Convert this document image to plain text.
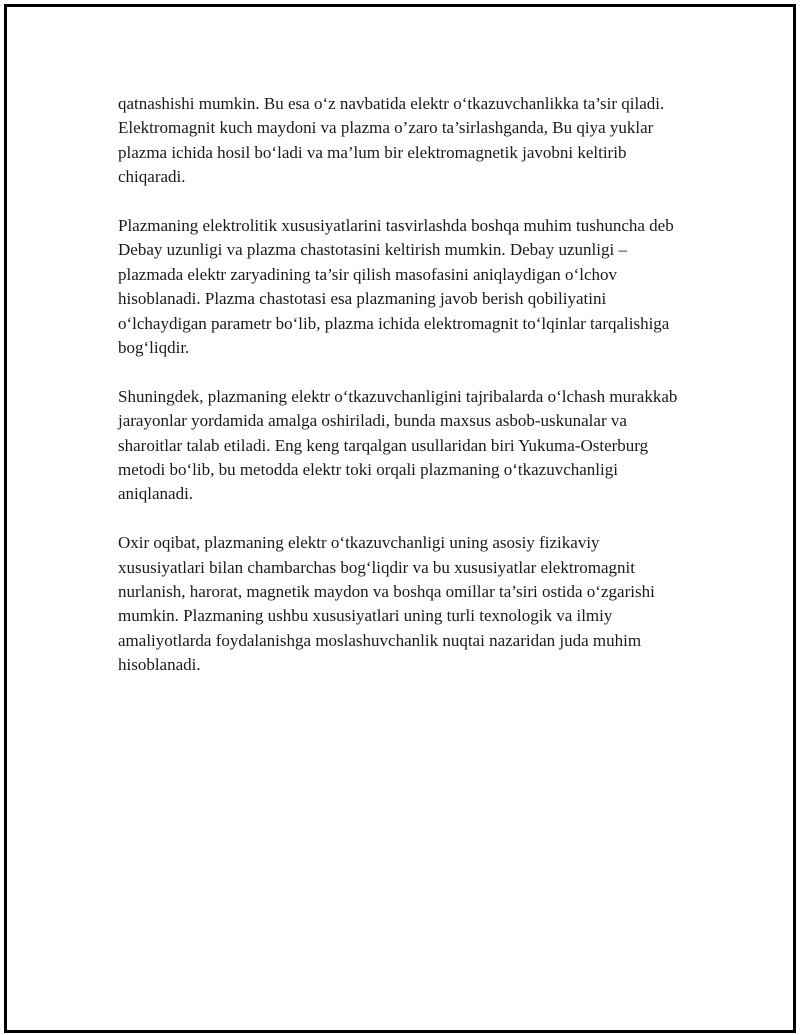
qatnashishi mumkin. Bu esa o‘z navbatida elektr o‘tkazuvchanlikka ta’sir qiladi. Elektromagnit kuch maydoni va plazma o’zaro ta’sirlashganda, Bu qiya yuklar plazma ichida hosil bo‘ladi va ma’lum bir elektromagnetik javobni keltirib chiqaradi.

Plazmaning elektrolitik xususiyatlarini tasvirlashda boshqa muhim tushuncha deb Debay uzunligi va plazma chastotasini keltirish mumkin. Debay uzunligi – plazmada elektr zaryadining ta’sir qilish masofasini aniqlaydigan o‘lchov hisoblanadi. Plazma chastotasi esa plazmaning javob berish qobiliyatini o‘lchaydigan parametr bo‘lib, plazma ichida elektromagnit to‘lqinlar tarqalishiga bog‘liqdir.

Shuningdek, plazmaning elektr o‘tkazuvchanligini tajribalarda o‘lchash murakkab jarayonlar yordamida amalga oshiriladi, bunda maxsus asbob-uskunalar va sharoitlar talab etiladi. Eng keng tarqalgan usullaridan biri Yukuma-Osterburg metodi bo‘lib, bu metodda elektr toki orqali plazmaning o‘tkazuvchanligi aniqlanadi.

Oxir oqibat, plazmaning elektr o‘tkazuvchanligi uning asosiy fizikaviy xususiyatlari bilan chambarchas bog‘liqdir va bu xususiyatlar elektromagnit nurlanish, harorat, magnetik maydon va boshqa omillar ta’siri ostida o‘zgarishi mumkin. Plazmaning ushbu xususiyatlari uning turli texnologik va ilmiy amaliyotlarda foydalanishga moslashuvchanlik nuqtai nazaridan juda muhim hisoblanadi.
